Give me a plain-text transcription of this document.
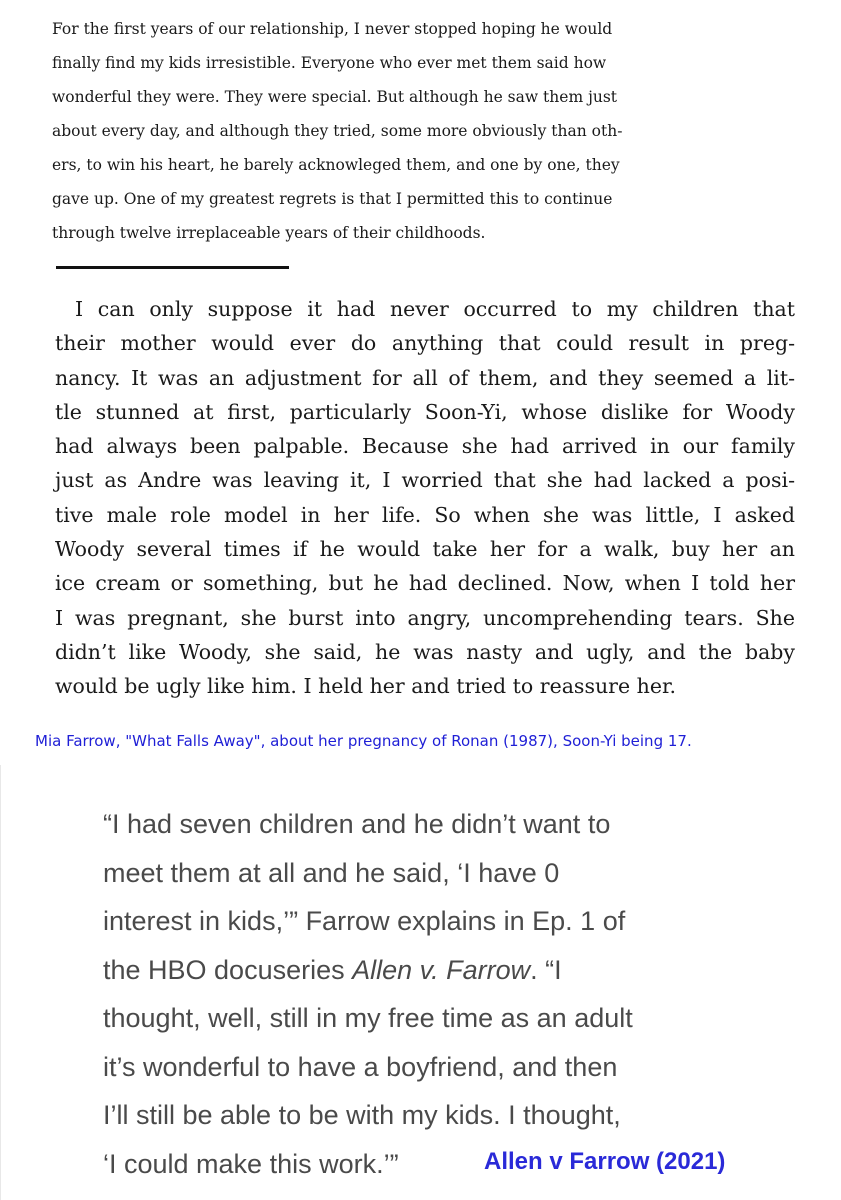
For the first years of our relationship, I never stopped hoping he would
finally find my kids irresistible. Everyone who ever met them said how
wonderful they were. They were special. But although he saw them just
about every day, and although they tried, some more obviously than oth-
ers, to win his heart, he barely acknowleged them, and one by one, they
gave up. One of my greatest regrets is that I permitted this to continue
through twelve irreplaceable years of their childhoods.
I can only suppose it had never occurred to my children that
their mother would ever do anything that could result in preg-
nancy. It was an adjustment for all of them, and they seemed a lit-
tle stunned at first, particularly Soon-Yi, whose dislike for Woody
had always been palpable. Because she had arrived in our family
just as Andre was leaving it, I worried that she had lacked a posi-
tive male role model in her life. So when she was little, I asked
Woody several times if he would take her for a walk, buy her an
ice cream or something, but he had declined. Now, when I told her
I was pregnant, she burst into angry, uncomprehending tears. She
didn’t like Woody, she said, he was nasty and ugly, and the baby
would be ugly like him. I held her and tried to reassure her.

Mia Farrow, "What Falls Away", about her pregnancy of Ronan (1987), Soon-Yi being 17.

“I had seven children and he didn’t want to
meet them at all and he said, ‘I have 0
interest in kids,’” Farrow explains in Ep. 1 of
the HBO docuseries Allen v. Farrow. “I
thought, well, still in my free time as an adult
it’s wonderful to have a boyfriend, and then
I’ll still be able to be with my kids. I thought,
‘I could make this work.’”	Allen v Farrow (2021)
